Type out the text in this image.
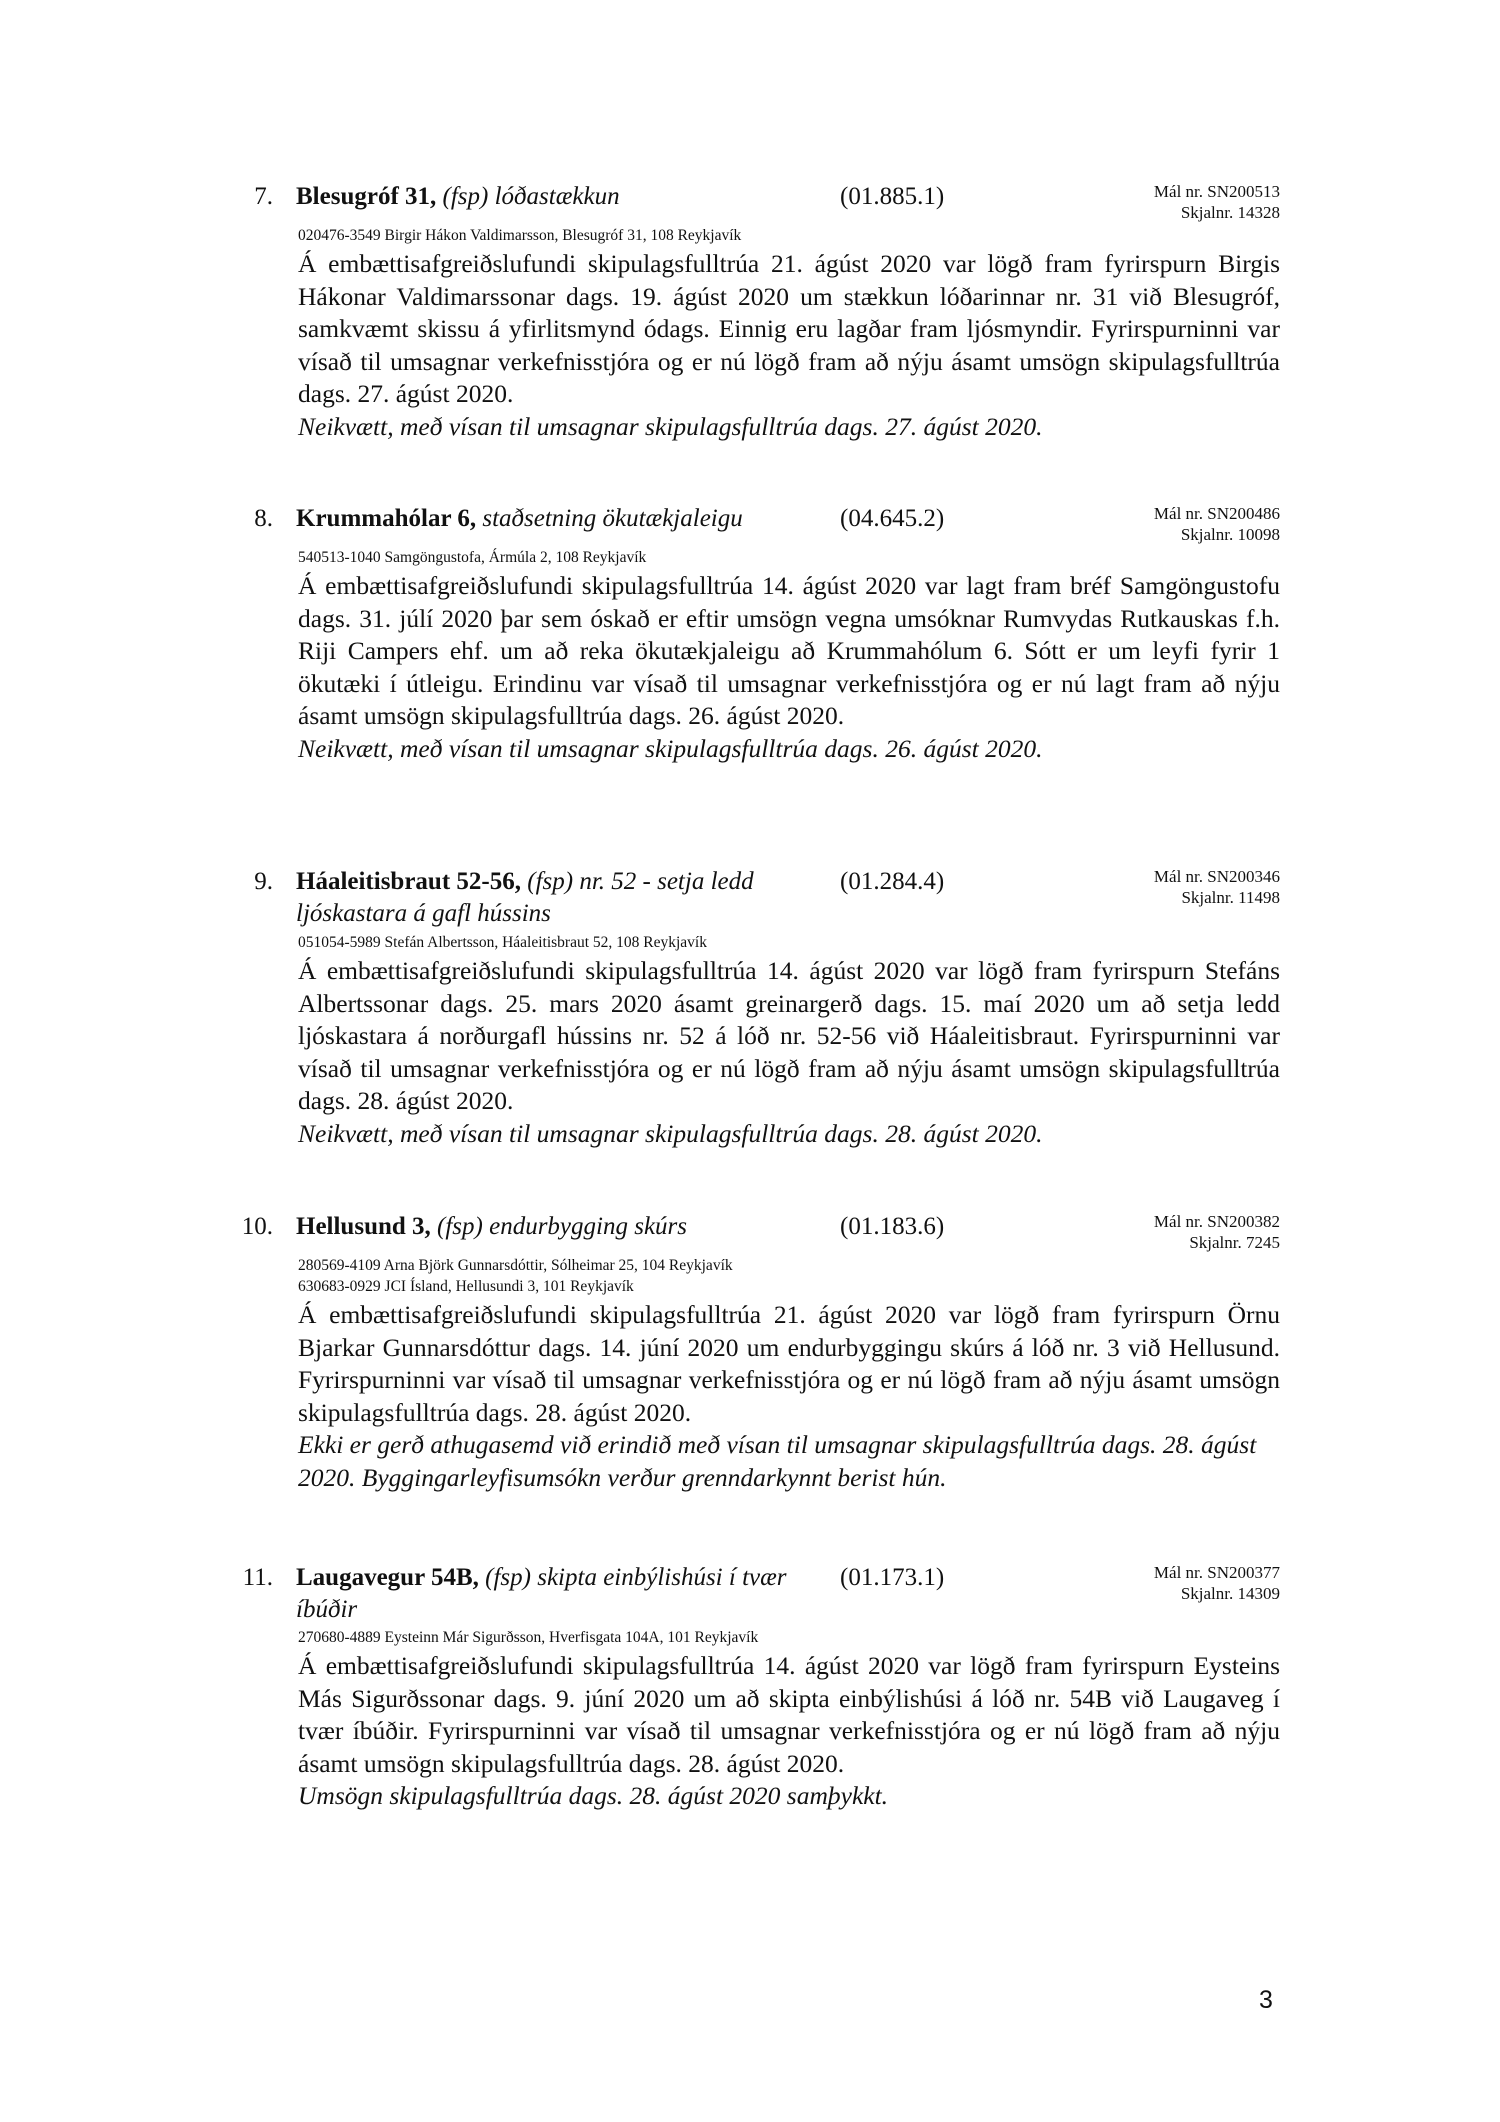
7. Blesugróf 31, (fsp) lóðastækkun	(01.885.1)	Mál nr. SN200513
Skjalnr. 14328
020476-3549 Birgir Hákon Valdimarsson, Blesugróf 31, 108 Reykjavík

Á embættisafgreiðslufundi skipulagsfulltrúa 21. ágúst 2020 var lögð fram fyrirspurn Birgis Hákonar Valdimarssonar dags. 19. ágúst 2020 um stækkun lóðarinnar nr. 31 við Blesugróf, samkvæmt skissu á yfirlitsmynd ódags. Einnig eru lagðar fram ljósmyndir. Fyrirspurninni var vísað til umsagnar verkefnisstjóra og er nú lögð fram að nýju ásamt umsögn skipulagsfulltrúa dags. 27. ágúst 2020.

Neikvætt, með vísan til umsagnar skipulagsfulltrúa dags. 27. ágúst 2020.

8. Krummahólar 6, staðsetning ökutækjaleigu	(04.645.2)	Mál nr. SN200486
Skjalnr. 10098
540513-1040 Samgöngustofa, Ármúla 2, 108 Reykjavík

Á embættisafgreiðslufundi skipulagsfulltrúa 14. ágúst 2020 var lagt fram bréf Samgöngustofu dags. 31. júlí 2020 þar sem óskað er eftir umsögn vegna umsóknar Rumvydas Rutkauskas f.h. Riji Campers ehf. um að reka ökutækjaleigu að Krummahólum 6. Sótt er um leyfi fyrir 1 ökutæki í útleigu. Erindinu var vísað til umsagnar verkefnisstjóra og er nú lagt fram að nýju ásamt umsögn skipulagsfulltrúa dags. 26. ágúst 2020.

Neikvætt, með vísan til umsagnar skipulagsfulltrúa dags. 26. ágúst 2020.

9. Háaleitisbraut 52-56, (fsp) nr. 52 - setja ledd ljóskastara á gafl hússins
(01.284.4)	Mál nr. SN200346
Skjalnr. 11498
051054-5989 Stefán Albertsson, Háaleitisbraut 52, 108 Reykjavík

Á embættisafgreiðslufundi skipulagsfulltrúa 14. ágúst 2020 var lögð fram fyrirspurn Stefáns Albertssonar dags. 25. mars 2020 ásamt greinargerð dags. 15. maí 2020 um að setja ledd ljóskastara á norðurgafl hússins nr. 52 á lóð nr. 52-56 við Háaleitisbraut. Fyrirspurninni var vísað til umsagnar verkefnisstjóra og er nú lögð fram að nýju ásamt umsögn skipulagsfulltrúa dags. 28. ágúst 2020.

Neikvætt, með vísan til umsagnar skipulagsfulltrúa dags. 28. ágúst 2020.

10. Hellusund 3, (fsp) endurbygging skúrs	(01.183.6)	Mál nr. SN200382
Skjalnr. 7245
280569-4109 Arna Björk Gunnarsdóttir, Sólheimar 25, 104 Reykjavík
630683-0929 JCI Ísland, Hellusundi 3, 101 Reykjavík

Á embættisafgreiðslufundi skipulagsfulltrúa 21. ágúst 2020 var lögð fram fyrirspurn Örnu Bjarkar Gunnarsdóttur dags. 14. júní 2020 um endurbyggingu skúrs á lóð nr. 3 við Hellusund. Fyrirspurninni var vísað til umsagnar verkefnisstjóra og er nú lögð fram að nýju ásamt umsögn skipulagsfulltrúa dags. 28. ágúst 2020.

Ekki er gerð athugasemd við erindið með vísan til umsagnar skipulagsfulltrúa dags. 28. ágúst 2020. Byggingarleyfisumsókn verður grenndarkynnt berist hún.

11. Laugavegur 54B, (fsp) skipta einbýlishúsi í tvær íbúðir
(01.173.1)	Mál nr. SN200377
Skjalnr. 14309
270680-4889 Eysteinn Már Sigurðsson, Hverfisgata 104A, 101 Reykjavík

Á embættisafgreiðslufundi skipulagsfulltrúa 14. ágúst 2020 var lögð fram fyrirspurn Eysteins Más Sigurðssonar dags. 9. júní 2020 um að skipta einbýlishúsi á lóð nr. 54B við Laugaveg í tvær íbúðir. Fyrirspurninni var vísað til umsagnar verkefnisstjóra og er nú lögð fram að nýju ásamt umsögn skipulagsfulltrúa dags. 28. ágúst 2020.

Umsögn skipulagsfulltrúa dags. 28. ágúst 2020 samþykkt.

3
